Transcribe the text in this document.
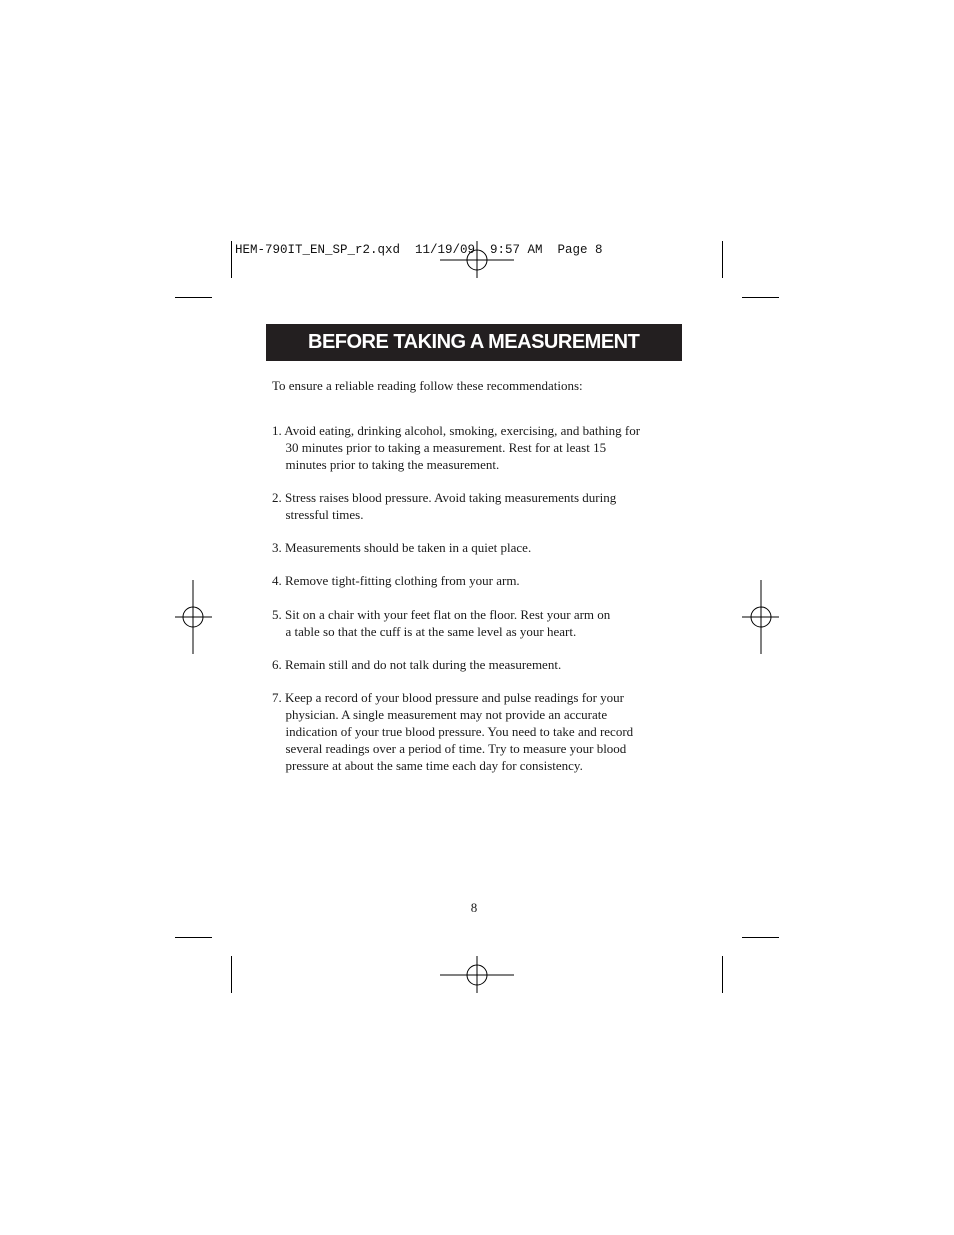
HEM-790IT_EN_SP_r2.qxd  11/19/09  9:57 AM  Page 8
BEFORE TAKING A MEASUREMENT
To ensure a reliable reading follow these recommendations:
1. Avoid eating, drinking alcohol, smoking, exercising, and bathing for
30 minutes prior to taking a measurement. Rest for at least 15
minutes prior to taking the measurement.
2. Stress raises blood pressure. Avoid taking measurements during
stressful times.
3. Measurements should be taken in a quiet place.
4. Remove tight-fitting clothing from your arm.
5. Sit on a chair with your feet flat on the floor. Rest your arm on
a table so that the cuff is at the same level as your heart.
6. Remain still and do not talk during the measurement.
7. Keep a record of your blood pressure and pulse readings for your
physician. A single measurement may not provide an accurate
indication of your true blood pressure. You need to take and record
several readings over a period of time. Try to measure your blood
pressure at about the same time each day for consistency.
8
